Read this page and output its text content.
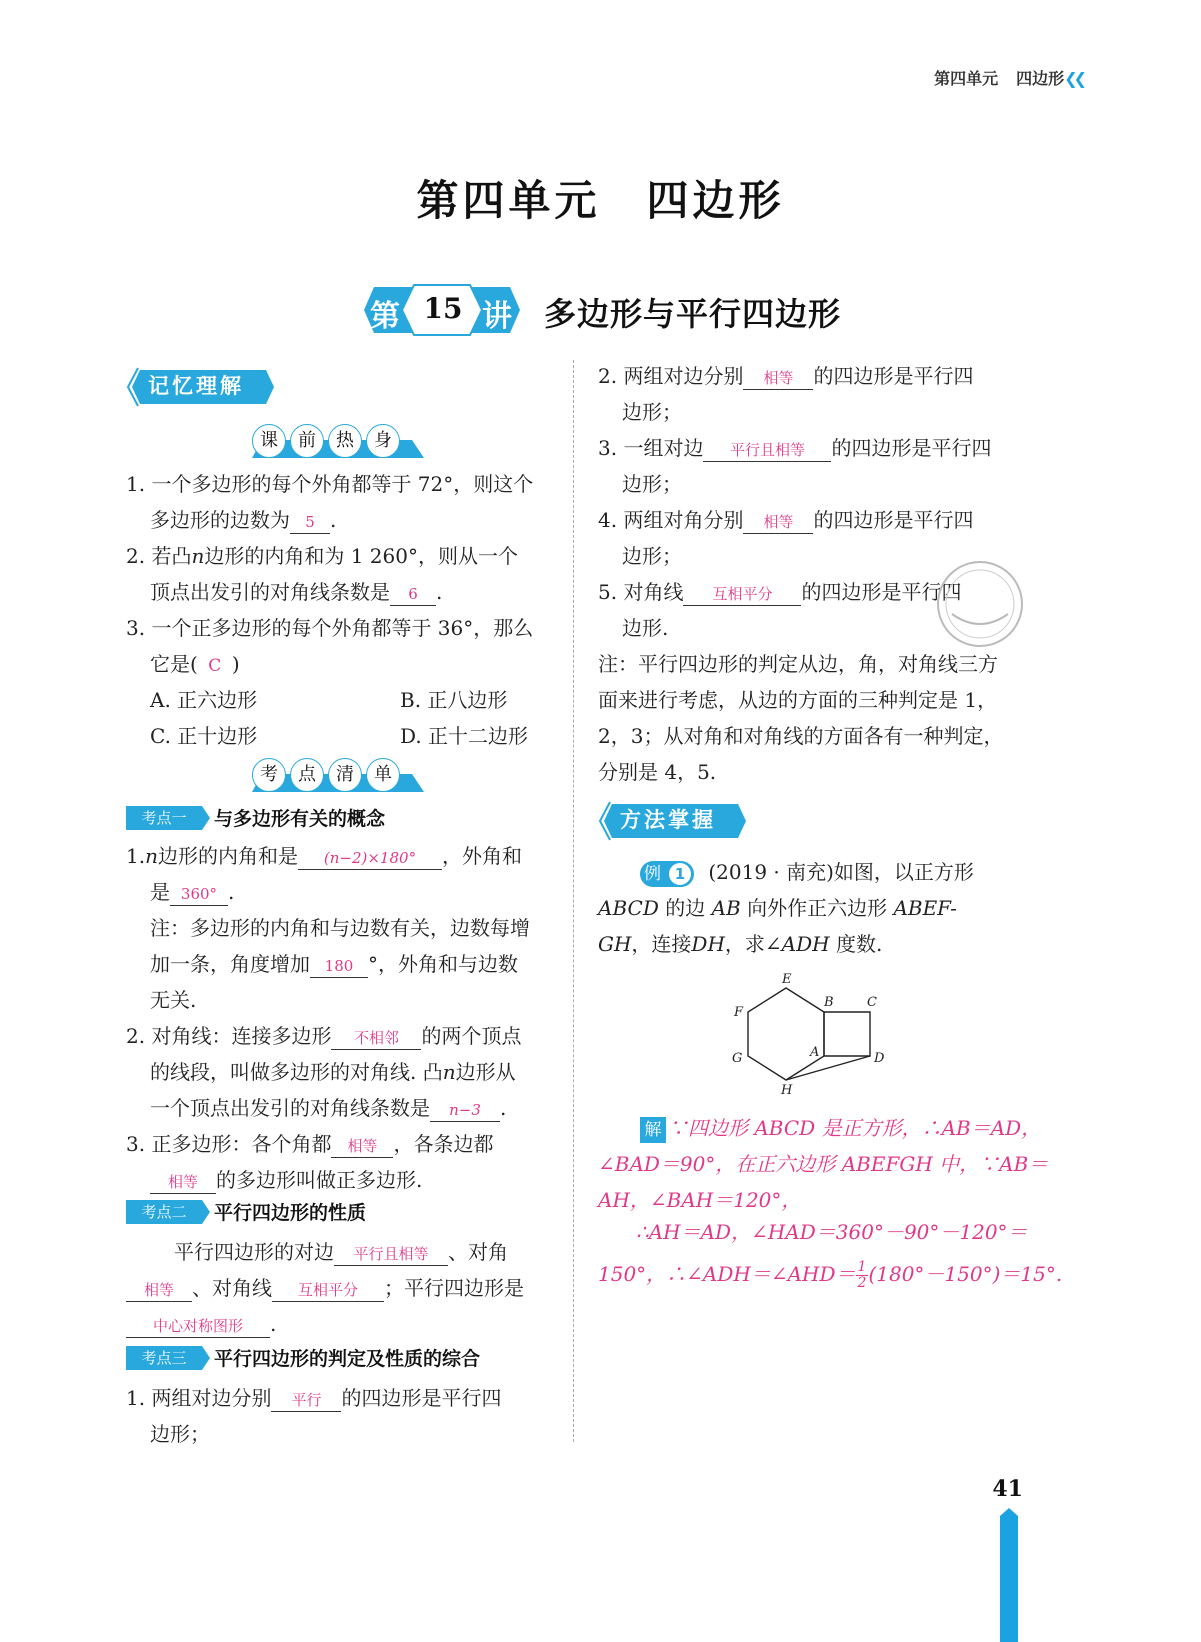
第四单元 四边形❮❮
第四单元 四边形
第 15 讲 多边形与平行四边形

记忆理解
课	前	热	身
1. 一个多边形的每个外角都等于 72°，则这个
多边形的边数为 5 .
2. 若凸n边形的内角和为 1 260°，则从一个
顶点出发引的对角线条数是 6 .
3. 一个正多边形的每个外角都等于 36°，那么
它是( C )
A. 正六边形	B. 正八边形
C. 正十边形	D. 正十二边形
考	点	清	单
考点一	与多边形有关的概念
1.n边形的内角和是 (n−2)×180° ，外角和
是 360° .
注：多边形的内角和与边数有关，边数每增
加一条，角度增加 180 °，外角和与边数
无关.
2. 对角线：连接多边形 不相邻 的两个顶点
的线段，叫做多边形的对角线. 凸n边形从
一个顶点出发引的对角线条数是 n−3 .
3. 正多边形：各个角都 相等 ，各条边都
相等 的多边形叫做正多边形.
考点二	平行四边形的性质
平行四边形的对边 平行且相等 、对角
相等 、对角线 互相平分 ；平行四边形是
中心对称图形 .
考点三	平行四边形的判定及性质的综合
1. 两组对边分别 平行 的四边形是平行四
边形；
2. 两组对边分别 相等 的四边形是平行四
边形；
3. 一组对边 平行且相等 的四边形是平行四
边形；
4. 两组对角分别 相等 的四边形是平行四
边形；
5. 对角线 互相平分 的四边形是平行四
边形.
注：平行四边形的判定从边，角，对角线三方
面来进行考虑，从边的方面的三种判定是 1，
2，3；从对角和对角线的方面各有一种判定，
分别是 4，5.
方法掌握
例 1 (2019 · 南充)如图，以正方形
ABCD 的边 AB 向外作正六边形 ABEF-
GH，连接DH，求∠ADH 度数.
E
B	C
F
A
G	D
H
解 ∵四边形 ABCD 是正方形，∴AB＝AD，
∠BAD＝90°，在正六边形 ABEFGH 中，∵AB＝
AH，∠BAH＝120°，
∴AH＝AD，∠HAD＝360°－90°－120°＝
150°，∴∠ADH＝∠AHD＝ $\frac{1}{2} (180^\circ-150^\circ)=15^\circ$.
41
